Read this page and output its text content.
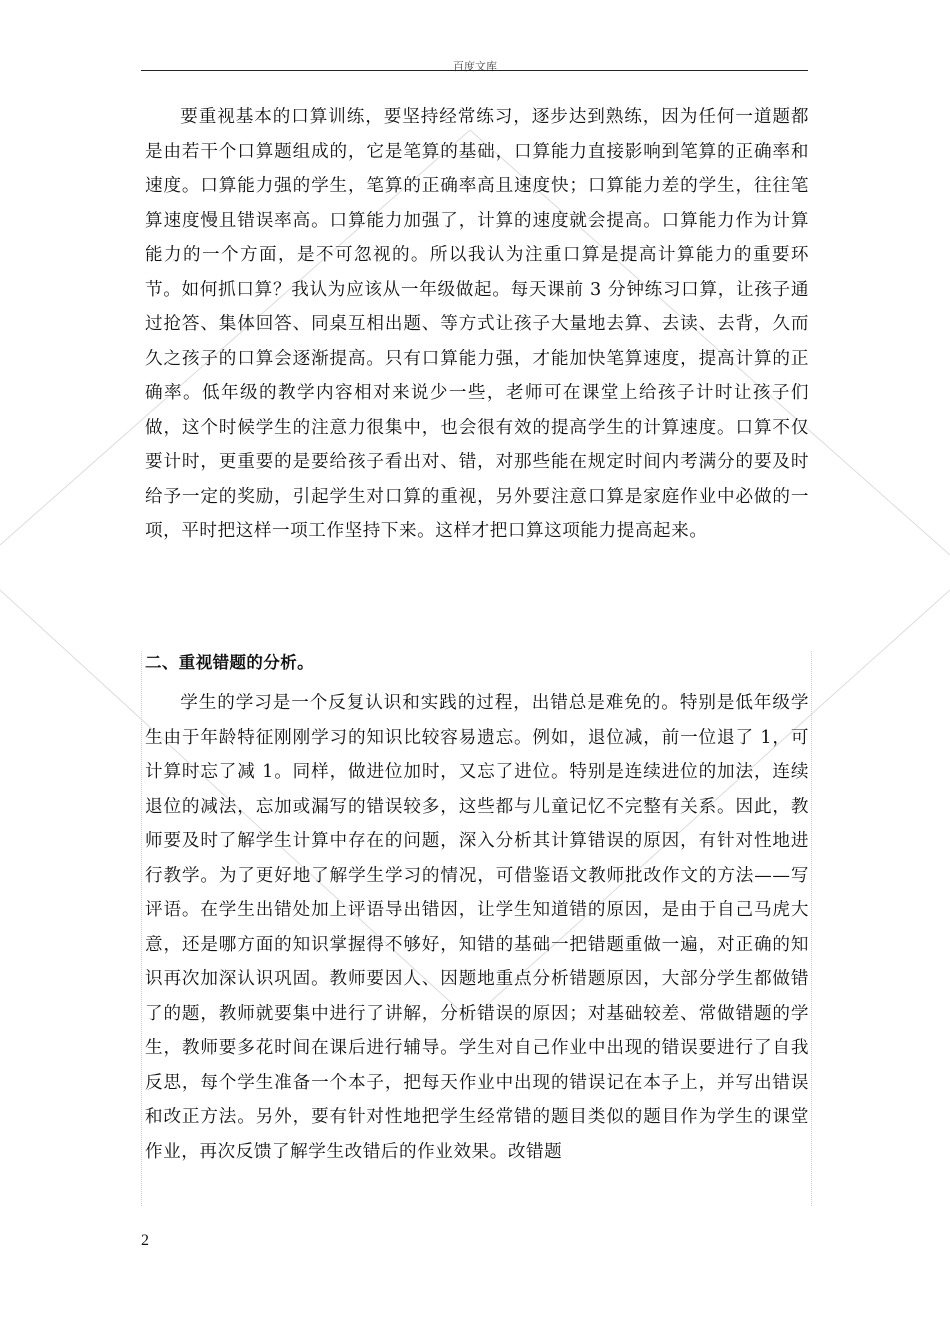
百度文库

要重视基本的口算训练，要坚持经常练习，逐步达到熟练，因为任何一道题都是由若干个口算题组成的，它是笔算的基础，口算能力直接影响到笔算的正确率和速度。口算能力强的学生，笔算的正确率高且速度快；口算能力差的学生，往往笔算速度慢且错误率高。口算能力加强了，计算的速度就会提高。口算能力作为计算能力的一个方面，是不可忽视的。所以我认为注重口算是提高计算能力的重要环节。如何抓口算？我认为应该从一年级做起。每天课前 3 分钟练习口算，让孩子通过抢答、集体回答、同桌互相出题、等方式让孩子大量地去算、去读、去背，久而久之孩子的口算会逐渐提高。只有口算能力强，才能加快笔算速度，提高计算的正确率。低年级的教学内容相对来说少一些，老师可在课堂上给孩子计时让孩子们做，这个时候学生的注意力很集中，也会很有效的提高学生的计算速度。口算不仅要计时，更重要的是要给孩子看出对、错，对那些能在规定时间内考满分的要及时给予一定的奖励，引起学生对口算的重视，另外要注意口算是家庭作业中必做的一项，平时把这样一项工作坚持下来。这样才把口算这项能力提高起来。

二、重视错题的分析。

学生的学习是一个反复认识和实践的过程，出错总是难免的。特别是低年级学生由于年龄特征刚刚学习的知识比较容易遗忘。例如，退位减，前一位退了 1，可计算时忘了减 1。同样，做进位加时，又忘了进位。特别是连续进位的加法，连续退位的减法，忘加或漏写的错误较多，这些都与儿童记忆不完整有关系。因此，教师要及时了解学生计算中存在的问题，深入分析其计算错误的原因，有针对性地进行教学。为了更好地了解学生学习的情况，可借鉴语文教师批改作文的方法——写评语。在学生出错处加上评语导出错因，让学生知道错的原因，是由于自己马虎大意，还是哪方面的知识掌握得不够好，知错的基础一把错题重做一遍，对正确的知识再次加深认识巩固。教师要因人、因题地重点分析错题原因，大部分学生都做错了的题，教师就要集中进行了讲解，分析错误的原因；对基础较差、常做错题的学生，教师要多花时间在课后进行辅导。学生对自己作业中出现的错误要进行了自我反思，每个学生准备一个本子，把每天作业中出现的错误记在本子上，并写出错误和改正方法。另外，要有针对性地把学生经常错的题目类似的题目作为学生的课堂作业，再次反馈了解学生改错后的作业效果。改错题

2
